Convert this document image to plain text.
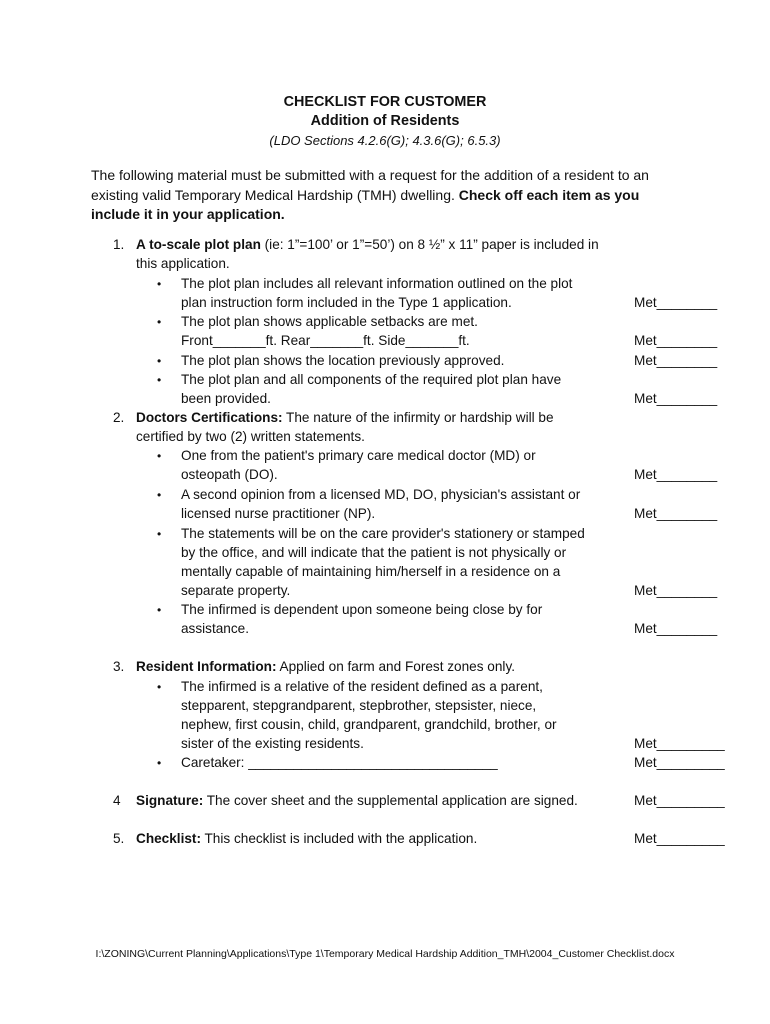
CHECKLIST FOR CUSTOMER
Addition of Residents
(LDO Sections 4.2.6(G); 4.3.6(G); 6.5.3)
The following material must be submitted with a request for the addition of a resident to an
existing valid Temporary Medical Hardship (TMH) dwelling. Check off each item as you
include it in your application.
1. A to-scale plot plan (ie: 1”=100’ or 1”=50’) on 8 ½” x 11” paper is included in
this application.
• The plot plan includes all relevant information outlined on the plot
plan instruction form included in the Type 1 application.	Met________
• The plot plan shows applicable setbacks are met.
Front_______ft. Rear_______ft. Side_______ft.	Met________
• The plot plan shows the location previously approved.	Met________
• The plot plan and all components of the required plot plan have
been provided.	Met________
2. Doctors Certifications: The nature of the infirmity or hardship will be
certified by two (2) written statements.
• One from the patient's primary care medical doctor (MD) or
osteopath (DO).	Met________
• A second opinion from a licensed MD, DO, physician's assistant or
licensed nurse practitioner (NP).	Met________
• The statements will be on the care provider's stationery or stamped
by the office, and will indicate that the patient is not physically or
mentally capable of maintaining him/herself in a residence on a
separate property.	Met________
• The infirmed is dependent upon someone being close by for
assistance.	Met________
3. Resident Information: Applied on farm and Forest zones only.
• The infirmed is a relative of the resident defined as a parent,
stepparent, stepgrandparent, stepbrother, stepsister, niece,
nephew, first cousin, child, grandparent, grandchild, brother, or
sister of the existing residents.	Met_________
• Caretaker: _________________________________	Met_________
4 Signature: The cover sheet and the supplemental application are signed.	Met_________
5. Checklist: This checklist is included with the application.	Met_________
I:\ZONING\Current Planning\Applications\Type 1\Temporary Medical Hardship Addition_TMH\2004_Customer Checklist.docx
